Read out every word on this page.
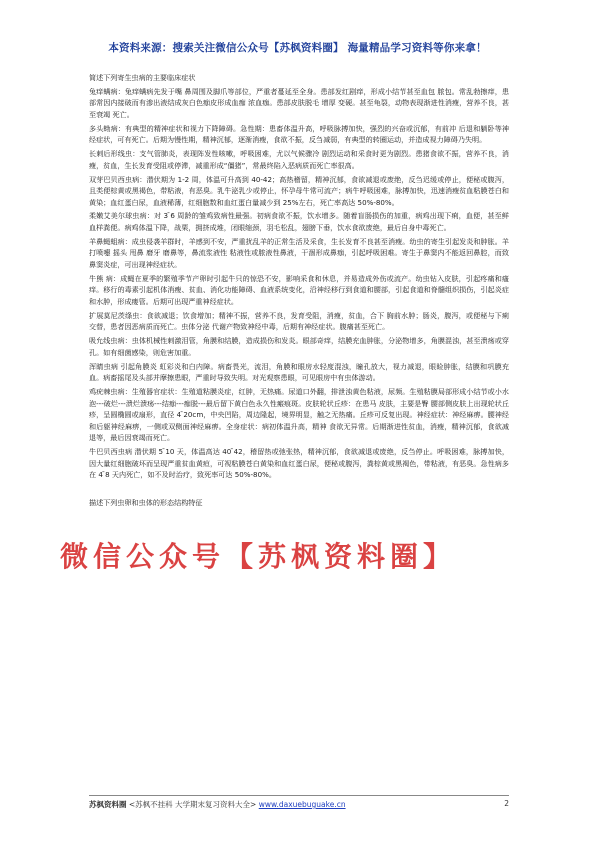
本资料来源：搜索关注微信公众号【苏枫资料圈】 海量精品学习资料等你来拿！

简述下列寄生虫病的主要临床症状

兔痒螨病：兔痒螨病先发于嘴 鼻周围及脚爪等部位，严重者蔓延至全身。患部发红剧痒，形成小结节甚至血包 脓包。常乱勃擦痒，患部常因内接破而有渗出液结成灰白色痂皮形成血痂 浓血痂。患部皮肤脱毛 增厚 变硬。甚至龟裂，动物表现渐进性消瘦，营养不良，甚至衰竭 死亡。

多头蚴病：有典型的精神症状和视力下降障碍。急性期：患畜体温升高，呼吸脉搏加快，强烈的兴奋或沉郁，有前冲 后退和躺卧等神经症状，可有死亡。后期为慢性期，精神沉郁，逐渐消瘦，食欲不振，反刍减弱，有典型的转圈运动，并造成视力障碍乃失明。

长刺后形线虫：支气管肺炎，表现阵发性咳嗽，呼吸困难，尤以气候骤冷 剧烈运动和采食时更为剧烈。患猪食欲不振，营养不良，消瘦，贫血，生长发育受阻或停滞，减重形成“僵猪”，常最终陷入恶病质而死亡率很高。

双芽巴贝西虫病：潜伏期为 1-2 周，体温可升高到 40-42；高热稽留，精神沉郁，食欲减退或废绝，反刍迟缓或停止，便秘或腹泻，且类便棕黄或黑褐色，带粘液，有恶臭。乳牛泌乳少或停止，怀孕母牛常可流产；病牛呼吸困难，脉搏加快，迅速消瘦贫血粘膜苍白和黄染；血红蛋白尿，血液稀薄，红细胞数和血红蛋白量减少到 25%左右，死亡率高达 50%-80%。

柔嫩艾美尔球虫病：对 3 ̄6 周龄的雏鸡致病性最强。初病食欲不振，饮水增多。随着盲肠损伤的加重，病鸡出现下痢，血便，甚至鲜血样粪便。病鸡体温下降，战栗，拥挤成堆，闭眼缩颈，羽毛松乱，翅膀下垂，饮水食欲废绝，最后自身中毒死亡。

羊鼻蝇蛆病：成虫侵袭羊群时，羊感到不安，严重扰乱羊的正常生活及采食，生长发育不良甚至消瘦。幼虫的寄生引起发炎和肿胀。羊打喷嚏 摇头 甩鼻 磨牙 磨鼻等，鼻流浆液性 粘液性或脓液性鼻液，干涸形成鼻痂，引起呼吸困难。寄生于鼻窦内不能返回鼻腔，而致鼻窦炎症，可出现神经症状。

牛熊 病：成蝇在夏季的繁殖季节产卵时引起牛只的惊恐不安，影响采食和休息，并易造成外伤或流产。幼虫钻入皮肤，引起疼痛和瘙痒。移行的毒素引起机体消瘦、贫血、消化功能障碍、血液系统变化，沿神经移行到食道和腰部，引起食道和脊髓组织损伤，引起炎症和水肿，形成瘘管。后期可出现严重神经症状。

扩展莫尼茨绦虫：食欲减退；饮食增加；精神不振，营养不良，发育受阻，消瘦，贫血，合下 胸前水肿；肠炎，腹泻，或便秘与下痢交替，患者因恶病质而死亡。虫体分泌 代谢产物致神经中毒，后期有神经症状。腹痛甚至死亡。

吸允线虫病：虫体机械性刺激泪管，角膜和结膜，造成损伤和发炎。眼部奇痒，结膜充血肿胀，分泌物增多，角膜混浊，甚至溃疡或穿孔。如有细菌感染，则危害加重。

浑睛虫病 引起角膜炎 虹彩炎和白内障。病畜畏光，流泪，角膜和眼房水轻度混浊，瞳孔放大，视力减退，眼睑肿胀，结膜和巩膜充血。病畜摇尾及头部并摩擦患眼，严重时导致失明。对光观察患眼，可见眼房中有虫体游动。

鸡疣棘虫病：生殖器官症状：生殖道粘膜炎症，红肿，无热痛。尿道口外翻，排泄浊黄色粘液，尿频。生殖粘膜局部形成小结节或小水泡---破烂---溃烂溃疡---结痂---痂脱---最后留下黄白色永久性瘢痕斑。皮肤轮状丘疹：在患马 皮肤，主要是臀 腰部侧皮肤上出现轮状丘疹，呈圆椭圆或扇形，直径 4 ̄20cm，中央凹陷，周边隆起，境界明显，触之无热痛。丘疹可反复出现。神经症状：神经麻痹。腰神经和后躯神经麻痹，一侧或双侧面神经麻痹。全身症状：病初体温升高，精神 食欲无异常。后期渐进性贫血，消瘦，精神沉郁，食欲减退等，最后因衰竭而死亡。

牛巴贝西虫病 潜伏期 5 ̄10 天，体温高达 40 ̄42，稽留热或弛张热，精神沉郁，食欲减退或废绝，反刍停止。呼吸困难，脉搏加快，因大量红细胞破坏而呈现严重贫血黄疸，可视粘膜苍白黄染和血红蛋白尿，便秘或腹泻，粪棕黄或黑褐色，带粘液，有恶臭。急性病多在 4 ̄8 天内死亡，如不及时治疗，致死率可达 50%-80%。

描述下列虫卵和虫体的形态结构特征

微信公众号【苏枫资料圈】
苏枫资料圈 <苏枫不挂科 大学期末复习资料大全> www.daxuebuguake.cn	2
